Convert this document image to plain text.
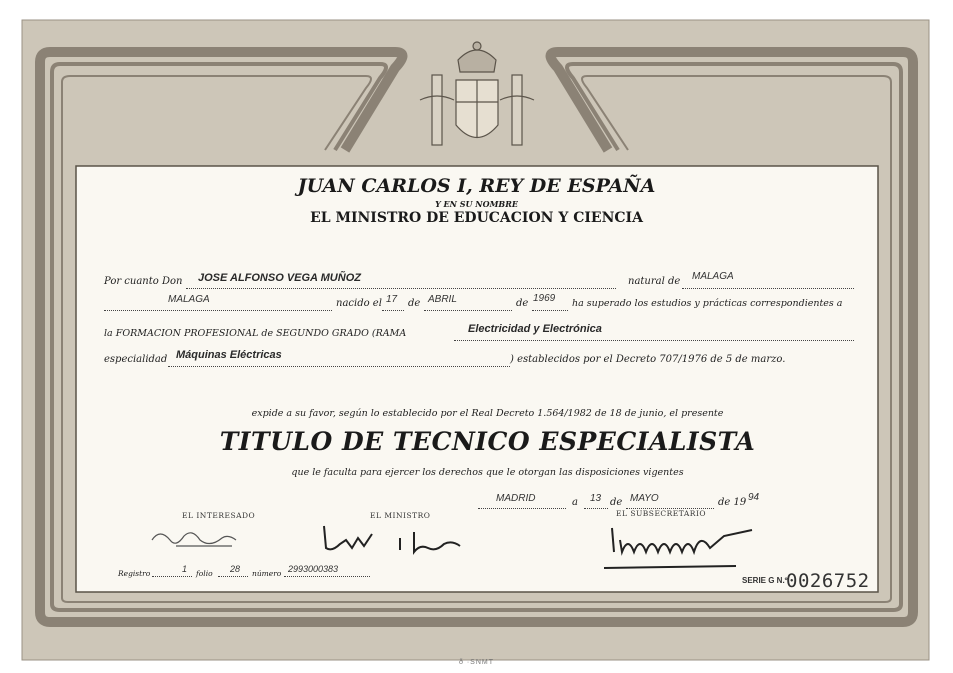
JUAN CARLOS I, REY DE ESPAÑA
Y EN SU NOMBRE
EL MINISTRO DE EDUCACION Y CIENCIA
Por cuanto Don JOSE ALFONSO VEGA MUÑOZ	natural de MALAGA
MALAGA	nacido el 17 de ABRIL	de 1969 ha superado los estudios y prácticas correspondientes a
la FORMACION PROFESIONAL de SEGUNDO GRADO (RAMA	Electricidad y Electrónica
especialidad Máquinas Eléctricas	) establecidos por el Decreto 707/1976 de 5 de marzo.
expide a su favor, según lo establecido por el Real Decreto 1.564/1982 de 18 de junio, el presente
TITULO DE TECNICO ESPECIALISTA
que le faculta para ejercer los derechos que le otorgan las disposiciones vigentes
MADRID	a 13 de MAYO	de 19 94
EL INTERESADO	EL MINISTRO	EL SUBSECRETARIO
Registro	1 folio 28 número 2993000383
SERIE G N.º
0026752
ð ·SNMT
